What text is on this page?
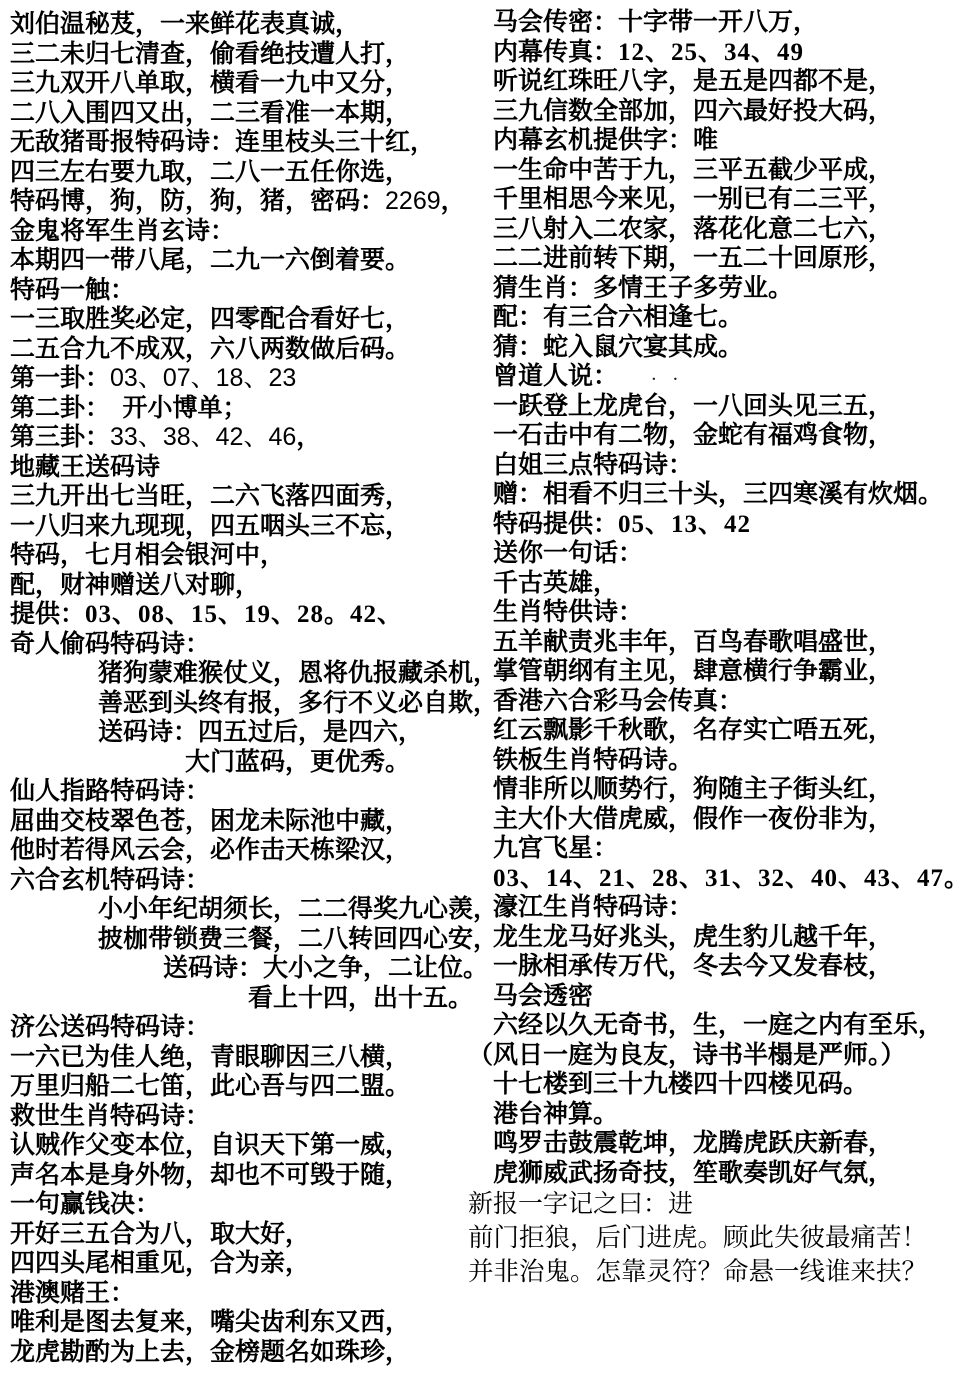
刘伯温秘芨，一来鲜花表真诚，
三二未归七清查，偷看绝技遭人打，
三九双开八单取，横看一九中又分，
二八入围四又出，二三看准一本期，
无敌猪哥报特码诗：连里枝头三十红，
四三左右要九取，二八一五任你选，
特码博，狗，防，狗，猪，密码：2269，
金鬼将军生肖玄诗：
本期四一带八尾，二九一六倒着要。
特码一触：
一三取胜奖必定，四零配合看好七，
二五合九不成双，六八两数做后码。
第一卦：03、07、18、23
第二卦：　开小博单；
第三卦：33、38、42、46，
地藏王送码诗
三九开出七当旺，二六飞落四面秀，
一八归来九现现，四五咽头三不忘，
特码，七月相会银河中，
配，财神赠送八对聊，
提供：03、08、15、19、28。42、
奇人偷码特码诗：
猪狗蒙难猴仗义，恩将仇报藏杀机，
善恶到头终有报，多行不义必自欺，
送码诗：四五过后，是四六，
大门蓝码，更优秀。
仙人指路特码诗：
屈曲交枝翠色苍，困龙未际池中藏，
他时若得风云会，必作击天栋梁汉，
六合玄机特码诗：
小小年纪胡须长，二二得奖九心羡，
披枷带锁费三餐，二八转回四心安，
送码诗：大小之争，二让位。
看上十四，出十五。
济公送码特码诗：
一六已为佳人绝，青眼聊因三八横，
万里归船二七笛，此心吾与四二盟。
救世生肖特码诗：
认贼作父变本位，自识天下第一威，
声名本是身外物，却也不可毁于随，
一句赢钱决：
开好三五合为八，取大好，
四四头尾相重见，合为亲，
港澳赌王：
唯利是图去复来，嘴尖齿利东又西，
龙虎勘酌为上去，金榜题名如珠珍，
马会传密：十字带一开八万，
内幕传真：12、25、34、49
听说红珠旺八字，是五是四都不是，
三九信数全部加，四六最好投大码，
内幕玄机提供字：唯
一生命中苦于九，三平五截少平成，
千里相思今来见，一别已有二三平，
三八射入二农家，落花化意二七六，
二二进前转下期，一五二十回原形，
猜生肖：多情王子多劳业。
配：有三合六相逢七。
猜：蛇入鼠穴宴其成。
曾道人说：
一跃登上龙虎台，一八回头见三五，
一石击中有二物，金蛇有福鸡食物，
白姐三点特码诗：
赠：相看不归三十头，三四寒溪有炊烟。
特码提供：05、13、42
送你一句话：
千古英雄，
生肖特供诗：
五羊献责兆丰年，百鸟春歌唱盛世，
掌管朝纲有主见，肆意横行争霸业，
香港六合彩马会传真：
红云飘影千秋歌，名存实亡唔五死，
铁板生肖特码诗。
情非所以顺势行，狗随主子街头红，
主大仆大借虎威，假作一夜份非为，
九宫飞星：
03、14、21、28、31、32、40、43、47。
濠江生肖特码诗：
龙生龙马好兆头，虎生豹儿越千年，
一脉相承传万代，冬去今又发春枝，
马会透密
六经以久无奇书，生，一庭之内有至乐，
（风日一庭为良友，诗书半榻是严师。）
十七楼到三十九楼四十四楼见码。
港台神算。
鸣罗击鼓震乾坤，龙腾虎跃庆新春，
虎狮威武扬奇技，笙歌奏凯好气氛，
新报一字记之曰：进
前门拒狼，后门进虎。顾此失彼最痛苦！
并非治鬼。怎靠灵符？命悬一线谁来扶？
. .
